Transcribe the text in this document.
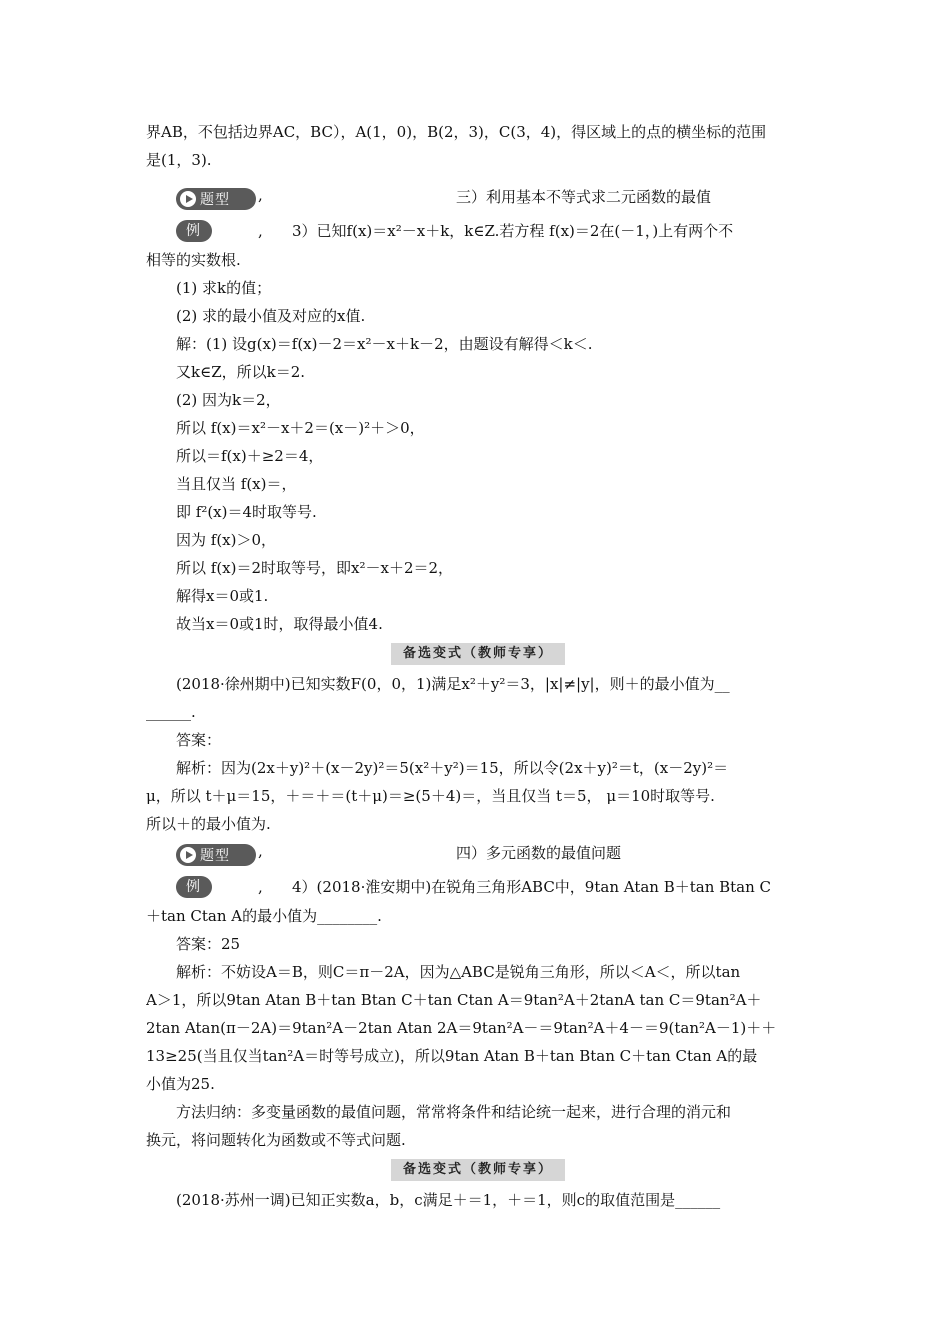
界AB，不包括边界AC，BC），A(1，0)，B(2，3)，C(3，4)，得区域上的点的横坐标的范围
是(1，3).
题型 ,	三）利用基本不等式求二元函数的最值
例	, 3）已知f(x)＝x²－x＋k，k∈Z.若方程 f(x)＝2在(－1，)上有两个不
相等的实数根.
(1) 求k的值；
(2) 求的最小值及对应的x值.
解：(1) 设g(x)＝f(x)－2＝x²－x＋k－2，由题设有解得＜k＜.
又k∈Z，所以k＝2.
(2) 因为k＝2，
所以 f(x)＝x²－x＋2＝(x－)²＋＞0，
所以＝f(x)＋≥2＝4，
当且仅当 f(x)＝，
即 f²(x)＝4时取等号.
因为 f(x)＞0，
所以 f(x)＝2时取等号，即x²－x＋2＝2，
解得x＝0或1.
故当x＝0或1时，取得最小值4.
备选变式（教师专享）
(2018·徐州期中)已知实数F(0，0，1)满足x²＋y²＝3，|x|≠|y|，则＋的最小值为__
______.
答案：
解析：因为(2x＋y)²＋(x－2y)²＝5(x²＋y²)＝15，所以令(2x＋y)²＝t，(x－2y)²＝
μ，所以 t＋μ＝15，＋＝＋＝(t＋μ)＝≥(5＋4)＝，当且仅当 t＝5， μ＝10时取等号.
所以＋的最小值为.
题型 ,	四）多元函数的最值问题
例	, 4）(2018·淮安期中)在锐角三角形ABC中，9tan Atan B＋tan Btan C
＋tan Ctan A的最小值为________.
答案：25
解析：不妨设A＝B，则C＝π－2A，因为△ABC是锐角三角形，所以＜A＜，所以tan
A＞1，所以9tan Atan B＋tan Btan C＋tan Ctan A＝9tan²A＋2tanA tan C＝9tan²A＋
2tan Atan(π－2A)＝9tan²A－2tan Atan 2A＝9tan²A－＝9tan²A＋4－＝9(tan²A－1)＋＋
13≥25(当且仅当tan²A＝时等号成立)，所以9tan Atan B＋tan Btan C＋tan Ctan A的最
小值为25.
方法归纳：多变量函数的最值问题，常常将条件和结论统一起来，进行合理的消元和
换元，将问题转化为函数或不等式问题.
备选变式（教师专享）
(2018·苏州一调)已知正实数a，b，c满足＋＝1，＋＝1，则c的取值范围是______
